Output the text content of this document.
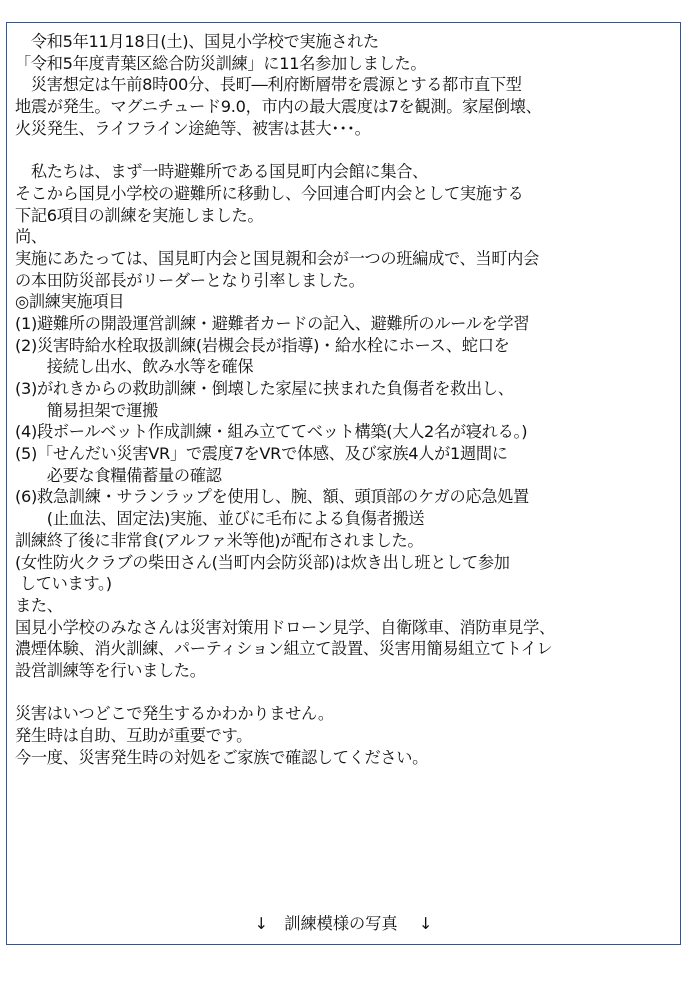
　令和5年11月18日(土)、国見小学校で実施された
「令和5年度青葉区総合防災訓練」に11名参加しました。
　災害想定は午前8時00分、長町―利府断層帯を震源とする都市直下型
地震が発生。マグニチュード9.0，市内の最大震度は7を観測。家屋倒壊、
火災発生、ライフライン途絶等、被害は甚大･･･。
　私たちは、まず一時避難所である国見町内会館に集合、
そこから国見小学校の避難所に移動し、今回連合町内会として実施する
下記6項目の訓練を実施しました。
尚、
実施にあたっては、国見町内会と国見親和会が一つの班編成で、当町内会
の本田防災部長がリーダーとなり引率しました。
◎訓練実施項目
(1)避難所の開設運営訓練・避難者カードの記入、避難所のルールを学習
(2)災害時給水栓取扱訓練(岩槻会長が指導)・給水栓にホース、蛇口を
　　接続し出水、飲み水等を確保
(3)がれきからの救助訓練・倒壊した家屋に挟まれた負傷者を救出し、
　　簡易担架で運搬
(4)段ボールベット作成訓練・組み立ててベット構築(大人2名が寝れる。)
(5)「せんだい災害VR」で震度7をVRで体感、及び家族4人が1週間に
　　必要な食糧備蓄量の確認
(6)救急訓練・サランラップを使用し、腕、額、頭頂部のケガの応急処置
　　(止血法、固定法)実施、並びに毛布による負傷者搬送
訓練終了後に非常食(アルファ米等他)が配布されました。
(女性防火クラブの柴田さん(当町内会防災部)は炊き出し班として参加
しています。)
また、
国見小学校のみなさんは災害対策用ドローン見学、自衛隊車、消防車見学、
濃煙体験、消火訓練、パーティション組立て設置、災害用簡易組立てトイレ
設営訓練等を行いました。
災害はいつどこで発生するかわかりません。
発生時は自助、互助が重要です。
今一度、災害発生時の対処をご家族で確認してください。
↓　訓練模様の写真　 ↓
